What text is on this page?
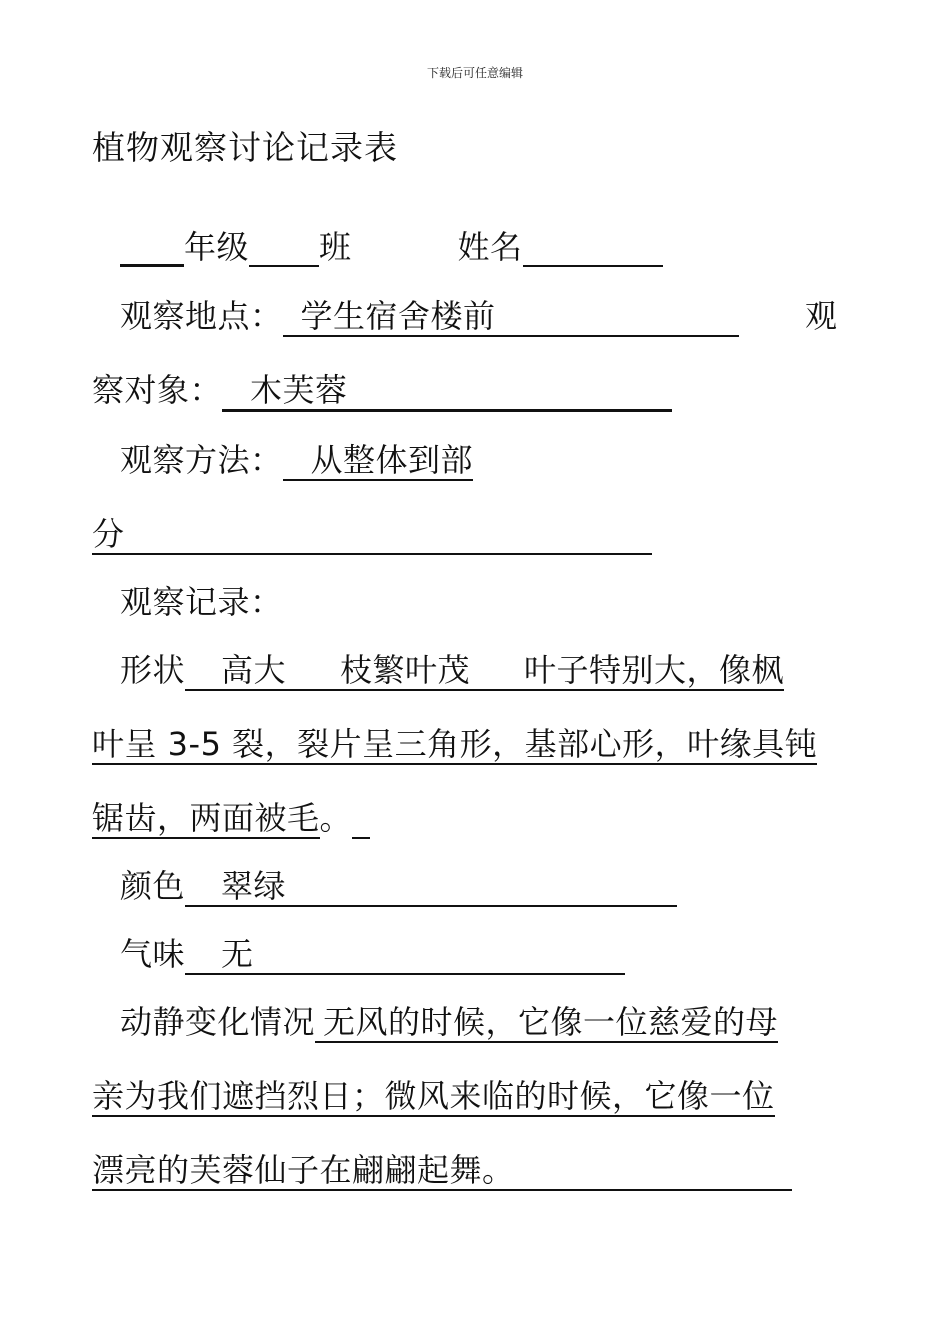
下载后可任意编辑
植物观察讨论记录表
年级 班	姓名
观察地点： 学生宿舍楼前	观
察对象： 木芙蓉
观察方法： 从整体到部
分
观察记录：
形状 高大 枝繁叶茂 叶子特别大，像枫
叶呈 3-5 裂，裂片呈三角形，基部心形，叶缘具钝
锯齿，两面被毛。
颜色 翠绿
气味 无
动静变化情况 无风的时候，它像一位慈爱的母
亲为我们遮挡烈日；微风来临的时候，它像一位
漂亮的芙蓉仙子在翩翩起舞。
